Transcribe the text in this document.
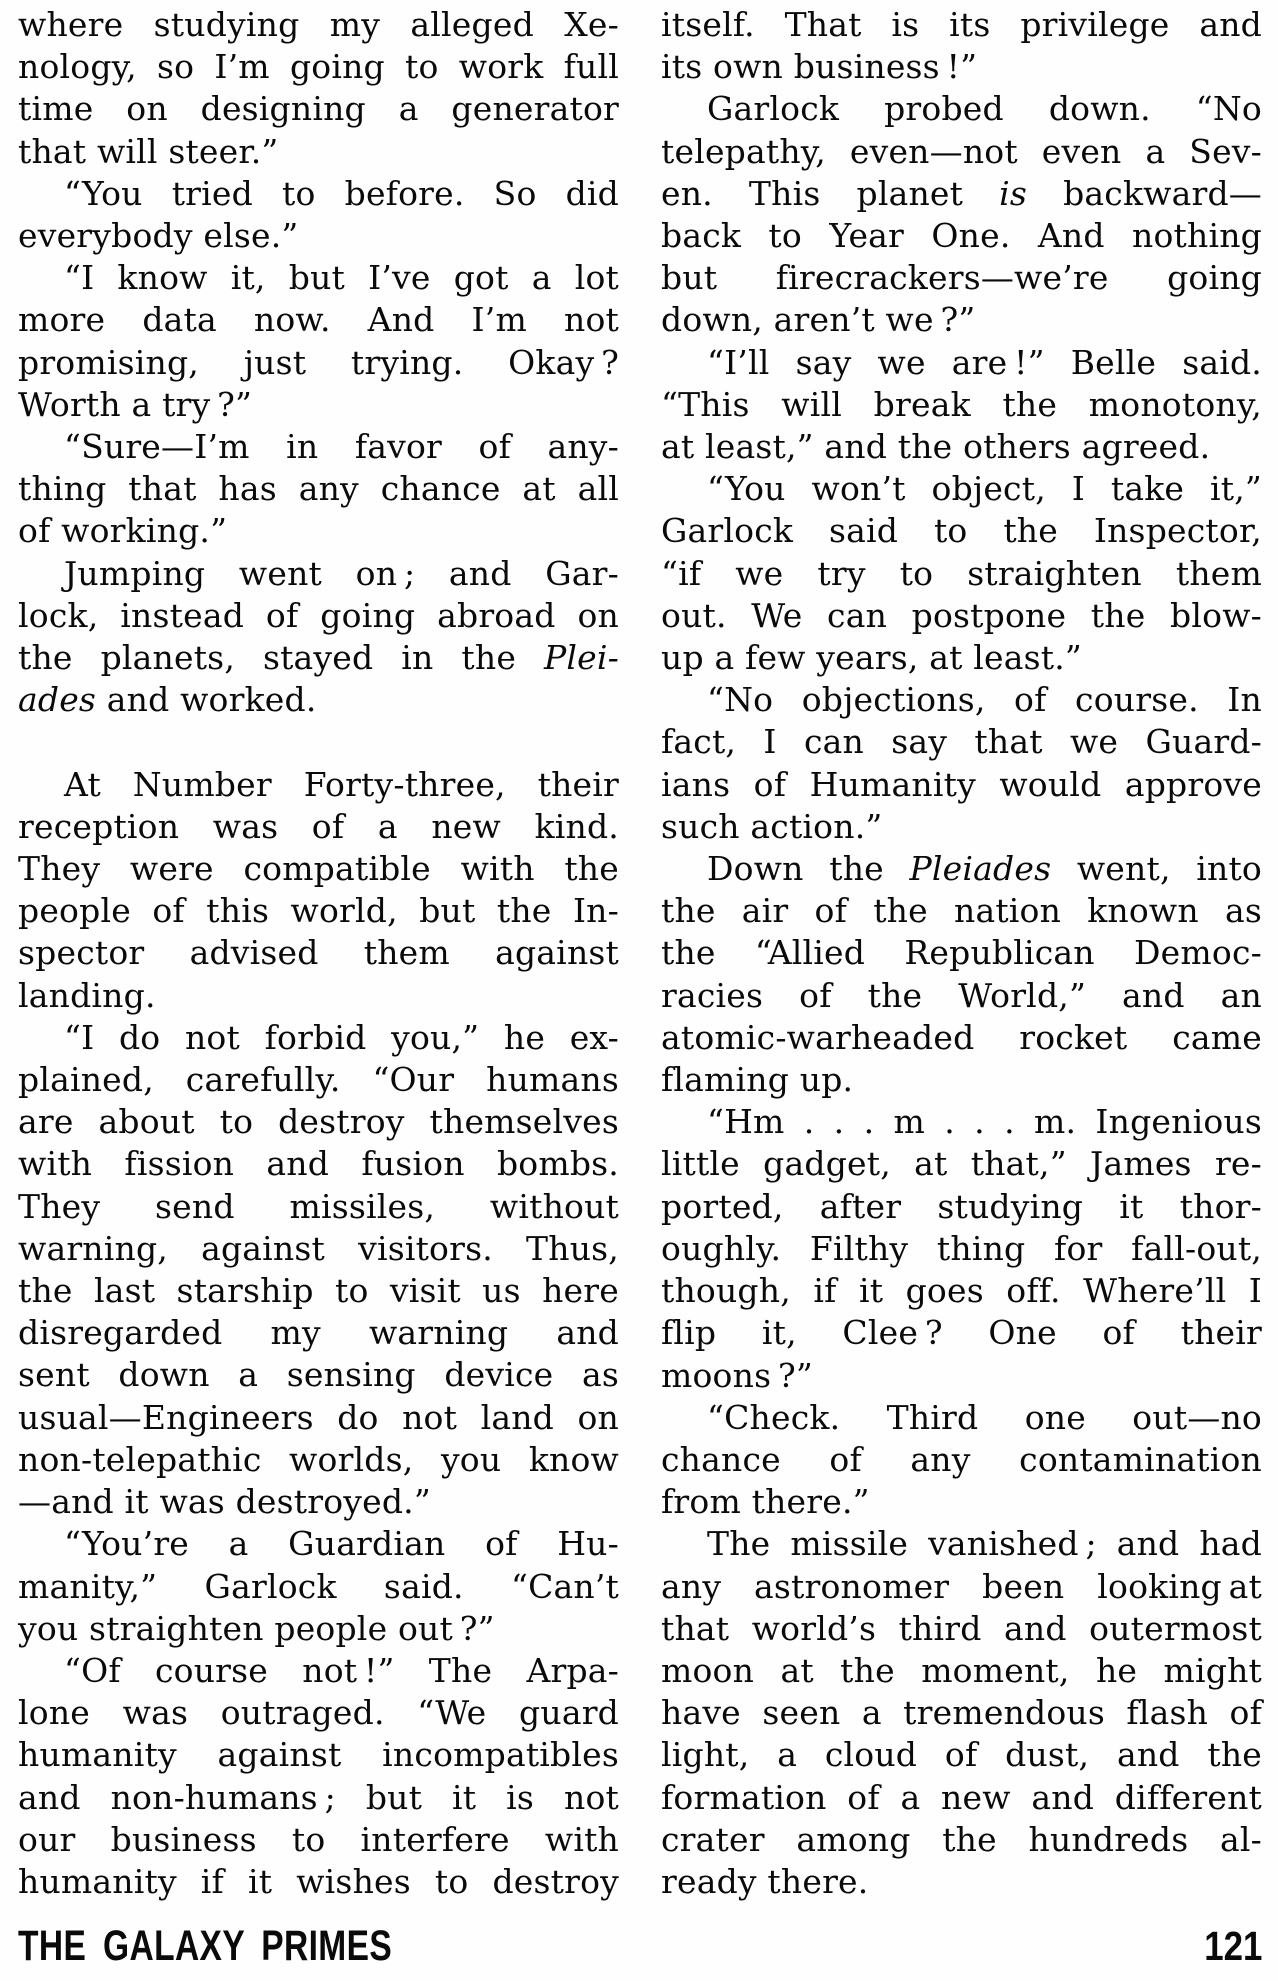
where studying my alleged Xe-
nology, so I’m going to work full
time on designing a generator
that will steer.”
“You tried to before. So did
everybody else.”
“I know it, but I’ve got a lot
more data now. And I’m not
promising, just trying. Okay ?
Worth a try ?”
“Sure—I’m in favor of any-
thing that has any chance at all
of working.”
Jumping went on ; and Gar-
lock, instead of going abroad on
the planets, stayed in the Plei-
ades and worked.
At Number Forty-three, their
reception was of a new kind.
They were compatible with the
people of this world, but the In-
spector advised them against
landing.
“I do not forbid you,” he ex-
plained, carefully. “Our humans
are about to destroy themselves
with fission and fusion bombs.
They send missiles, without
warning, against visitors. Thus,
the last starship to visit us here
disregarded my warning and
sent down a sensing device as
usual—Engineers do not land on
non-telepathic worlds, you know
—and it was destroyed.”
“You’re a Guardian of Hu-
manity,” Garlock said. “Can’t
you straighten people out ?”
“Of course not !” The Arpa-
lone was outraged. “We guard
humanity against incompatibles
and non-humans ; but it is not
our business to interfere with
humanity if it wishes to destroy
itself. That is its privilege and
its own business !”
Garlock probed down. “No
telepathy, even—not even a Sev-
en. This planet is backward—
back to Year One. And nothing
but firecrackers—we’re going
down, aren’t we ?”
“I’ll say we are !” Belle said.
“This will break the monotony,
at least,” and the others agreed.
“You won’t object, I take it,”
Garlock said to the Inspector,
“if we try to straighten them
out. We can postpone the blow-
up a few years, at least.”
“No objections, of course. In
fact, I can say that we Guard-
ians of Humanity would approve
such action.”
Down the Pleiades went, into
the air of the nation known as
the “Allied Republican Democ-
racies of the World,” and an
atomic-warheaded rocket came
flaming up.
“Hm . . . m . . . m. Ingenious
little gadget, at that,” James re-
ported, after studying it thor-
oughly. Filthy thing for fall-out,
though, if it goes off. Where’ll I
flip it, Clee ? One of their
moons ?”
“Check. Third one out—no
chance of any contamination
from there.”
The missile vanished ; and had
any astronomer been looking at
that world’s third and outermost
moon at the moment, he might
have seen a tremendous flash of
light, a cloud of dust, and the
formation of a new and different
crater among the hundreds al-
ready there.
THE GALAXY PRIMES	121
